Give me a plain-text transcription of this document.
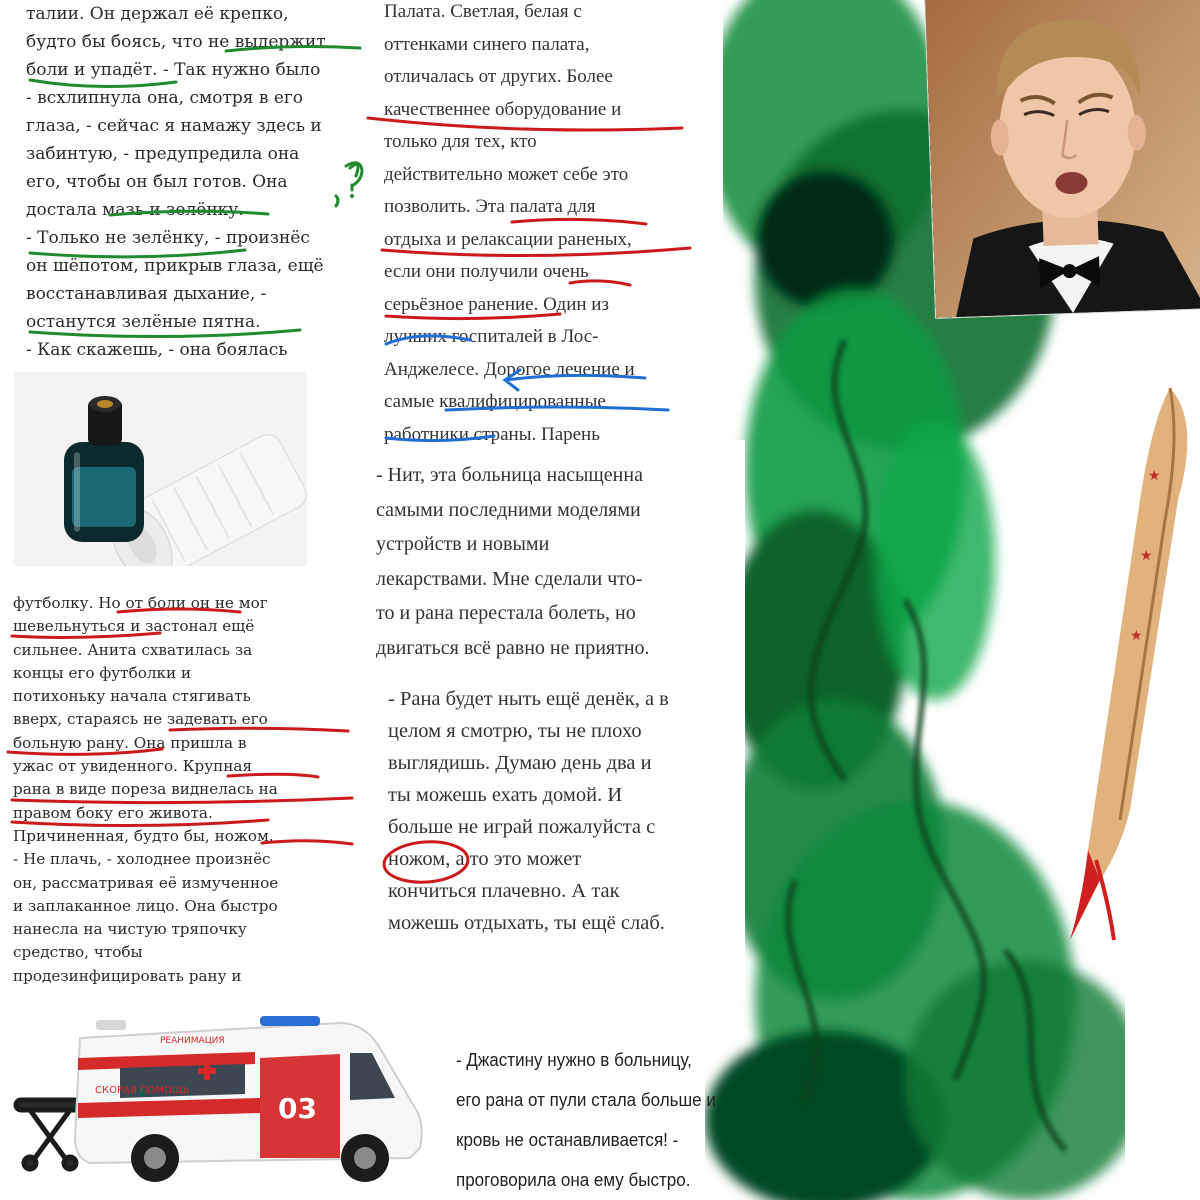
СКОРАЯ ПОМОЩЬ
РЕАНИМАЦИЯ
03
★
★
★
талии. Он держал её крепко,
будто бы боясь, что не выдержит
боли и упадёт. - Так нужно было
- всхлипнула она, смотря в его
глаза, - сейчас я намажу здесь и
забинтую, - предупредила она
его, чтобы он был готов. Она
достала мазь и зелёнку.
- Только не зелёнку, - произнёс
он шёпотом, прикрыв глаза, ещё
восстанавливая дыхание, -
останутся зелёные пятна.
- Как скажешь, - она боялась
Палата. Светлая, белая с
оттенками синего палата,
отличалась от других. Более
качественнее оборудование и
только для тех, кто
действительно может себе это
позволить. Эта палата для
отдыха и релаксации раненых,
если они получили очень
серьёзное ранение. Один из
лучших госпиталей в Лос-
Анджелесе. Дорогое лечение и
самые квалифицированные
работники страны. Парень
- Нит, эта больница насыщенна
самыми последними моделями
устройств и новыми
лекарствами. Мне сделали что-
то и рана перестала болеть, но
двигаться всё равно не приятно.
- Рана будет ныть ещё денёк, а в
целом я смотрю, ты не плохо
выглядишь. Думаю день два и
ты можешь ехать домой. И
больше не играй пожалуйста с
ножом, а то это может
кончиться плачевно. А так
можешь отдыхать, ты ещё слаб.
футболку. Но от боли он не мог
шевельнуться и застонал ещё
сильнее. Анита схватилась за
концы его футболки и
потихоньку начала стягивать
вверх, стараясь не задевать его
больную рану. Она пришла в
ужас от увиденного. Крупная
рана в виде пореза виднелась на
правом боку его живота.
Причиненная, будто бы, ножом.
- Не плачь, - холоднее произнёс
он, рассматривая её измученное
и заплаканное лицо. Она быстро
нанесла на чистую тряпочку
средство, чтобы
продезинфицировать рану и
- Джастину нужно в больницу,
его рана от пули стала больше и
кровь не останавливается! -
проговорила она ему быстро.
